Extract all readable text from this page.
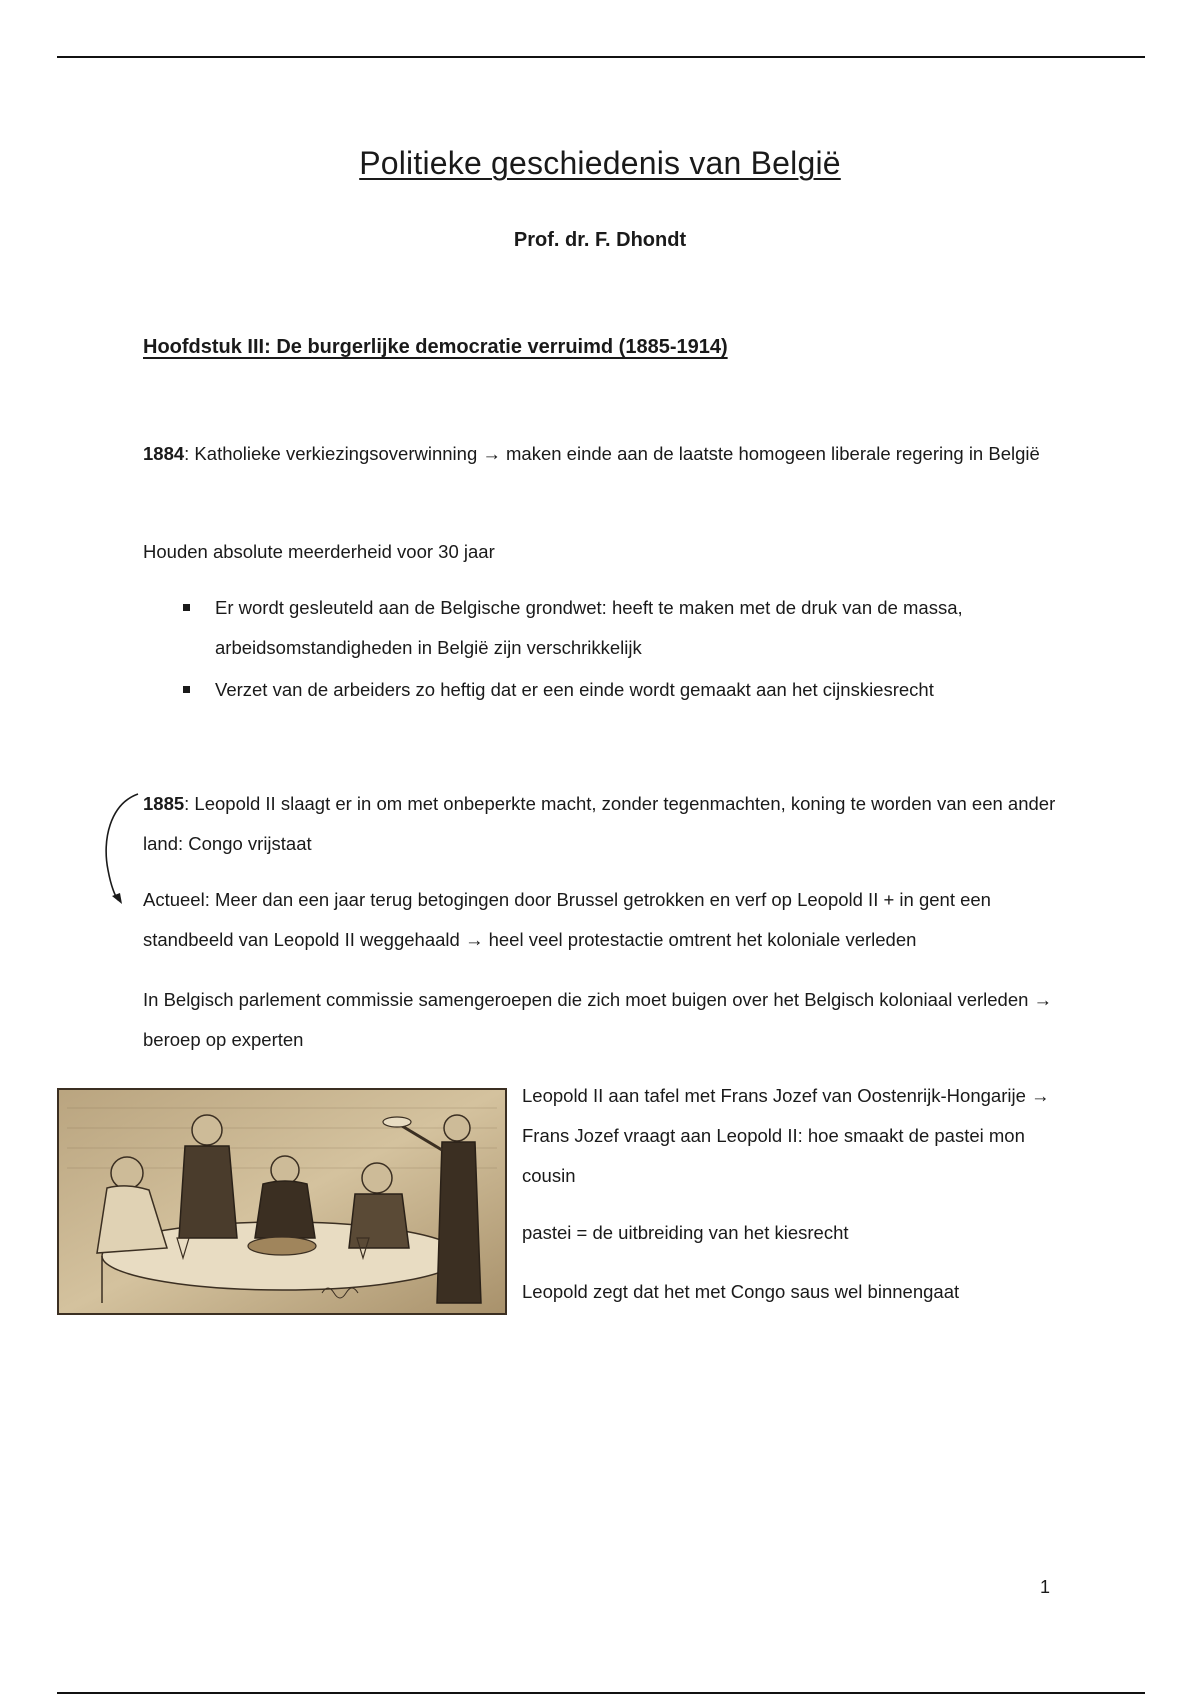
Politieke geschiedenis van België
Prof. dr. F. Dhondt
Hoofdstuk III: De burgerlijke democratie verruimd (1885-1914)
1884: Katholieke verkiezingsoverwinning → maken einde aan de laatste homogeen liberale regering in België
Houden absolute meerderheid voor 30 jaar
Er wordt gesleuteld aan de Belgische grondwet: heeft te maken met de druk van de massa, arbeidsomstandigheden in België zijn verschrikkelijk
Verzet van de arbeiders zo heftig dat er een einde wordt gemaakt aan het cijnskiesrecht
1885: Leopold II slaagt er in om met onbeperkte macht, zonder tegenmachten, koning te worden van een ander land: Congo vrijstaat
Actueel: Meer dan een jaar terug betogingen door Brussel getrokken en verf op Leopold II + in gent een standbeeld van Leopold II weggehaald → heel veel protestactie omtrent het koloniale verleden
In Belgisch parlement commissie samengeroepen die zich moet buigen over het Belgisch koloniaal verleden → beroep op experten
Leopold II aan tafel met Frans Jozef van Oostenrijk-Hongarije → Frans Jozef vraagt aan Leopold II: hoe smaakt de pastei mon cousin
pastei = de uitbreiding van het kiesrecht
Leopold zegt dat het met Congo saus wel binnengaat
1
